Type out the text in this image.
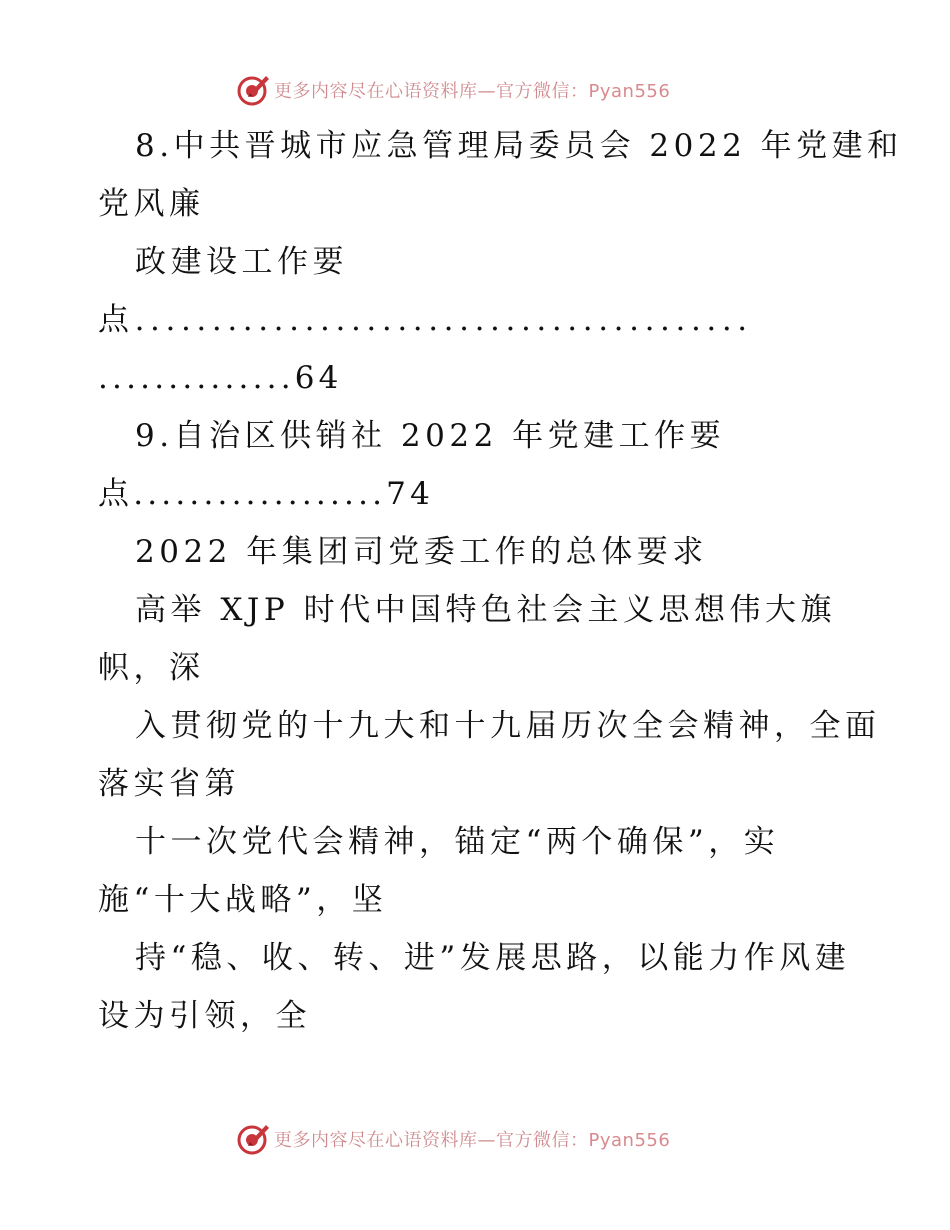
更多内容尽在心语资料库—官方微信：Pyan556
8.中共晋城市应急管理局委员会 2022 年党建和
党风廉
政建设工作要
点........................................
..............64
9.自治区供销社 2022 年党建工作要
点..................74
2022 年集团司党委工作的总体要求
高举 XJP 时代中国特色社会主义思想伟大旗
帜，深
入贯彻党的十九大和十九届历次全会精神，全面
落实省第
十一次党代会精神，锚定“两个确保”，实
施“十大战略”，坚
持“稳、收、转、进”发展思路，以能力作风建
设为引领，全
更多内容尽在心语资料库—官方微信：Pyan556
